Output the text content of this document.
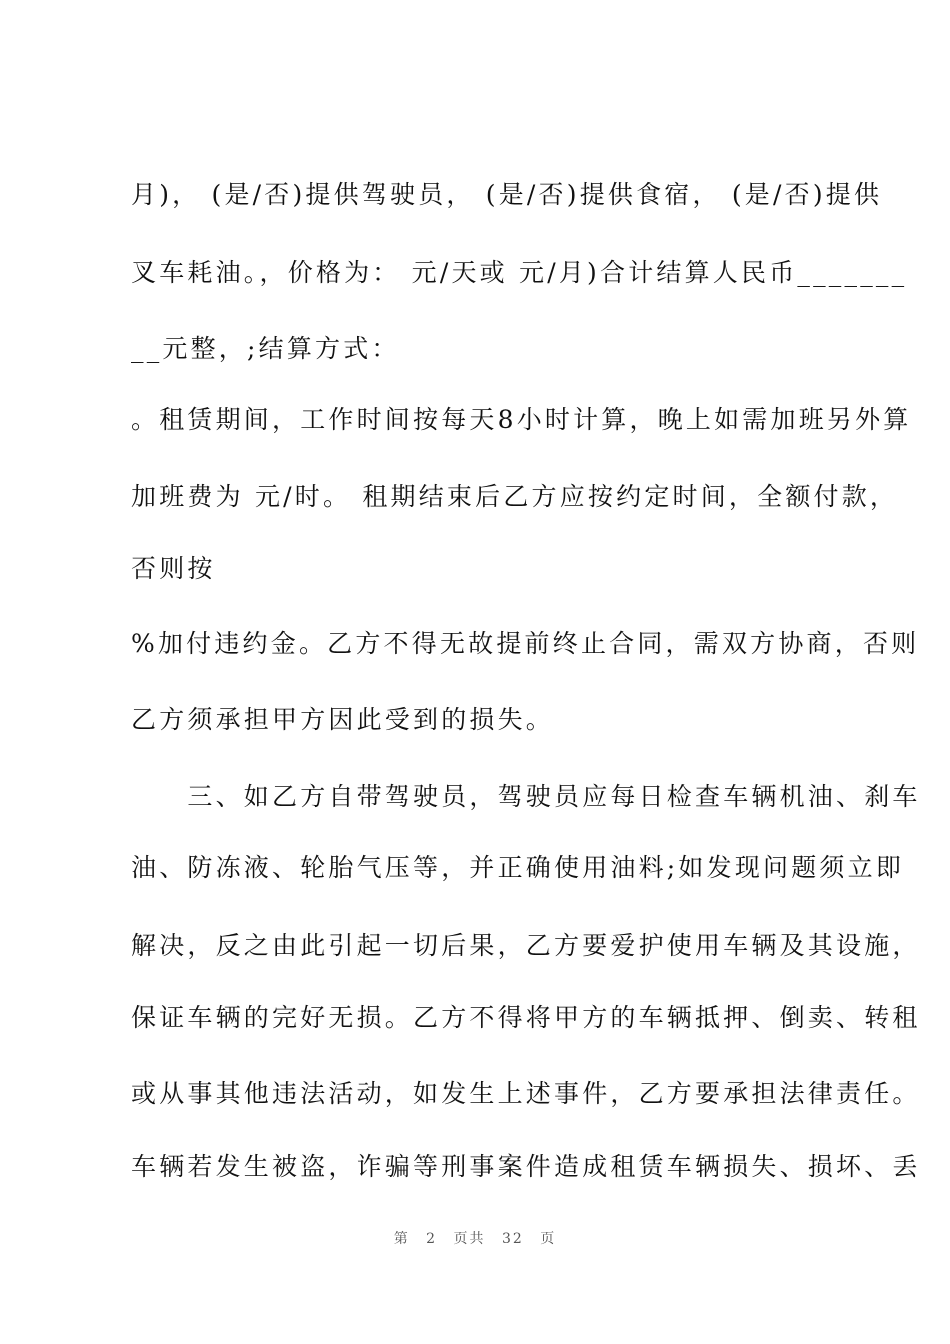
月)， (是/否)提供驾驶员， (是/否)提供食宿， (是/否)提供
叉车耗油。，价格为： 元/天或 元/月)合计结算人民币_______
__元整，;结算方式：
。租赁期间，工作时间按每天8小时计算，晚上如需加班另外算
加班费为 元/时。 租期结束后乙方应按约定时间，全额付款，
否则按
%加付违约金。乙方不得无故提前终止合同，需双方协商，否则
乙方须承担甲方因此受到的损失。
　　三、如乙方自带驾驶员，驾驶员应每日检查车辆机油、刹车
油、防冻液、轮胎气压等，并正确使用油料;如发现问题须立即
解决，反之由此引起一切后果，乙方要爱护使用车辆及其设施，
保证车辆的完好无损。乙方不得将甲方的车辆抵押、倒卖、转租
或从事其他违法活动，如发生上述事件，乙方要承担法律责任。
车辆若发生被盗，诈骗等刑事案件造成租赁车辆损失、损坏、丢
第 2 页共 32 页
